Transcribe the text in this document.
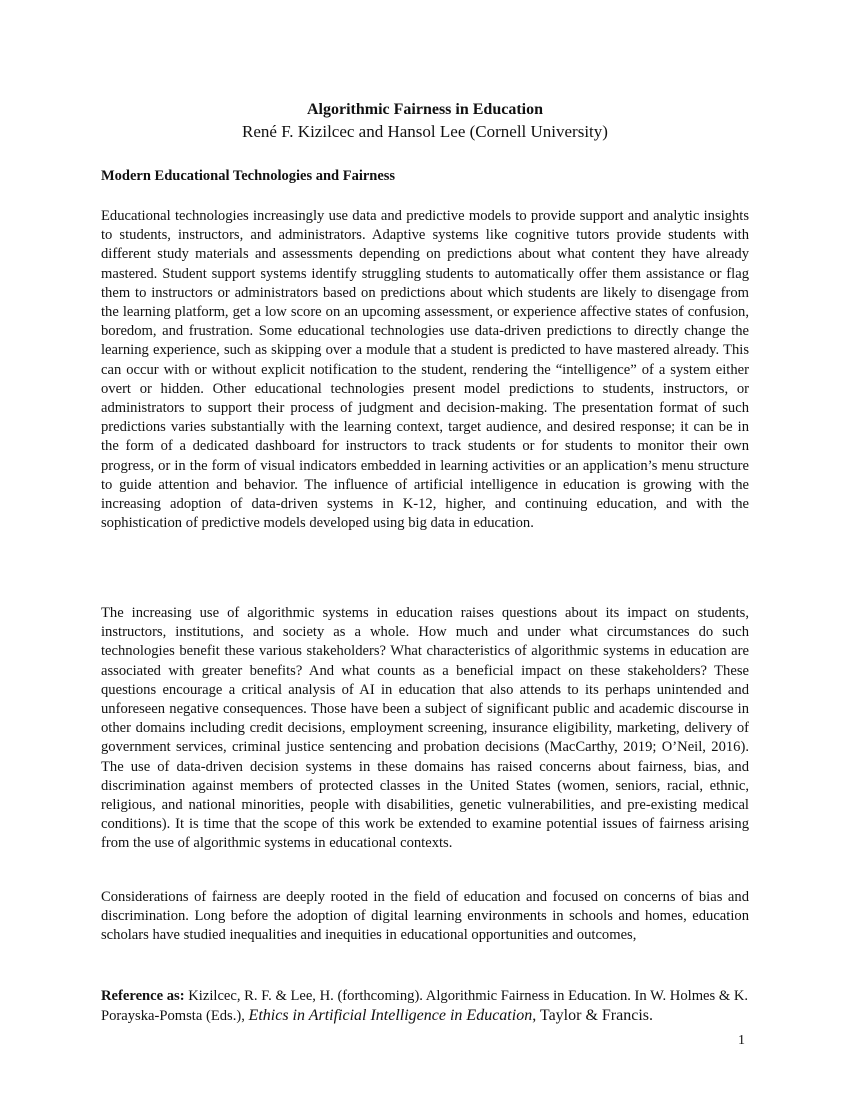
Algorithmic Fairness in Education
René F. Kizilcec and Hansol Lee (Cornell University)
Modern Educational Technologies and Fairness

Educational technologies increasingly use data and predictive models to provide support and analytic insights to students, instructors, and administrators. Adaptive systems like cognitive tutors provide students with different study materials and assessments depending on predictions about what content they have already mastered. Student support systems identify struggling students to automatically offer them assistance or flag them to instructors or administrators based on predictions about which students are likely to disengage from the learning platform, get a low score on an upcoming assessment, or experience affective states of confusion, boredom, and frustration. Some educational technologies use data-driven predictions to directly change the learning experience, such as skipping over a module that a student is predicted to have mastered already. This can occur with or without explicit notification to the student, rendering the “intelligence” of a system either overt or hidden. Other educational technologies present model predictions to students, instructors, or administrators to support their process of judgment and decision-making. The presentation format of such predictions varies substantially with the learning context, target audience, and desired response; it can be in the form of a dedicated dashboard for instructors to track students or for students to monitor their own progress, or in the form of visual indicators embedded in learning activities or an application’s menu structure to guide attention and behavior. The influence of artificial intelligence in education is growing with the increasing adoption of data-driven systems in K-12, higher, and continuing education, and with the sophistication of predictive models developed using big data in education.

The increasing use of algorithmic systems in education raises questions about its impact on students, instructors, institutions, and society as a whole. How much and under what circumstances do such technologies benefit these various stakeholders? What characteristics of algorithmic systems in education are associated with greater benefits? And what counts as a beneficial impact on these stakeholders? These questions encourage a critical analysis of AI in education that also attends to its perhaps unintended and unforeseen negative consequences. Those have been a subject of significant public and academic discourse in other domains including credit decisions, employment screening, insurance eligibility, marketing, delivery of government services, criminal justice sentencing and probation decisions (MacCarthy, 2019; O’Neil, 2016). The use of data-driven decision systems in these domains has raised concerns about fairness, bias, and discrimination against members of protected classes in the United States (women, seniors, racial, ethnic, religious, and national minorities, people with disabilities, genetic vulnerabilities, and pre-existing medical conditions). It is time that the scope of this work be extended to examine potential issues of fairness arising from the use of algorithmic systems in educational contexts.

Considerations of fairness are deeply rooted in the field of education and focused on concerns of bias and discrimination. Long before the adoption of digital learning environments in schools and homes, education scholars have studied inequalities and inequities in educational opportunities and outcomes,

Reference as: Kizilcec, R. F. & Lee, H. (forthcoming). Algorithmic Fairness in Education. In W. Holmes & K. Porayska-Pomsta (Eds.), Ethics in Artificial Intelligence in Education, Taylor & Francis.

1
